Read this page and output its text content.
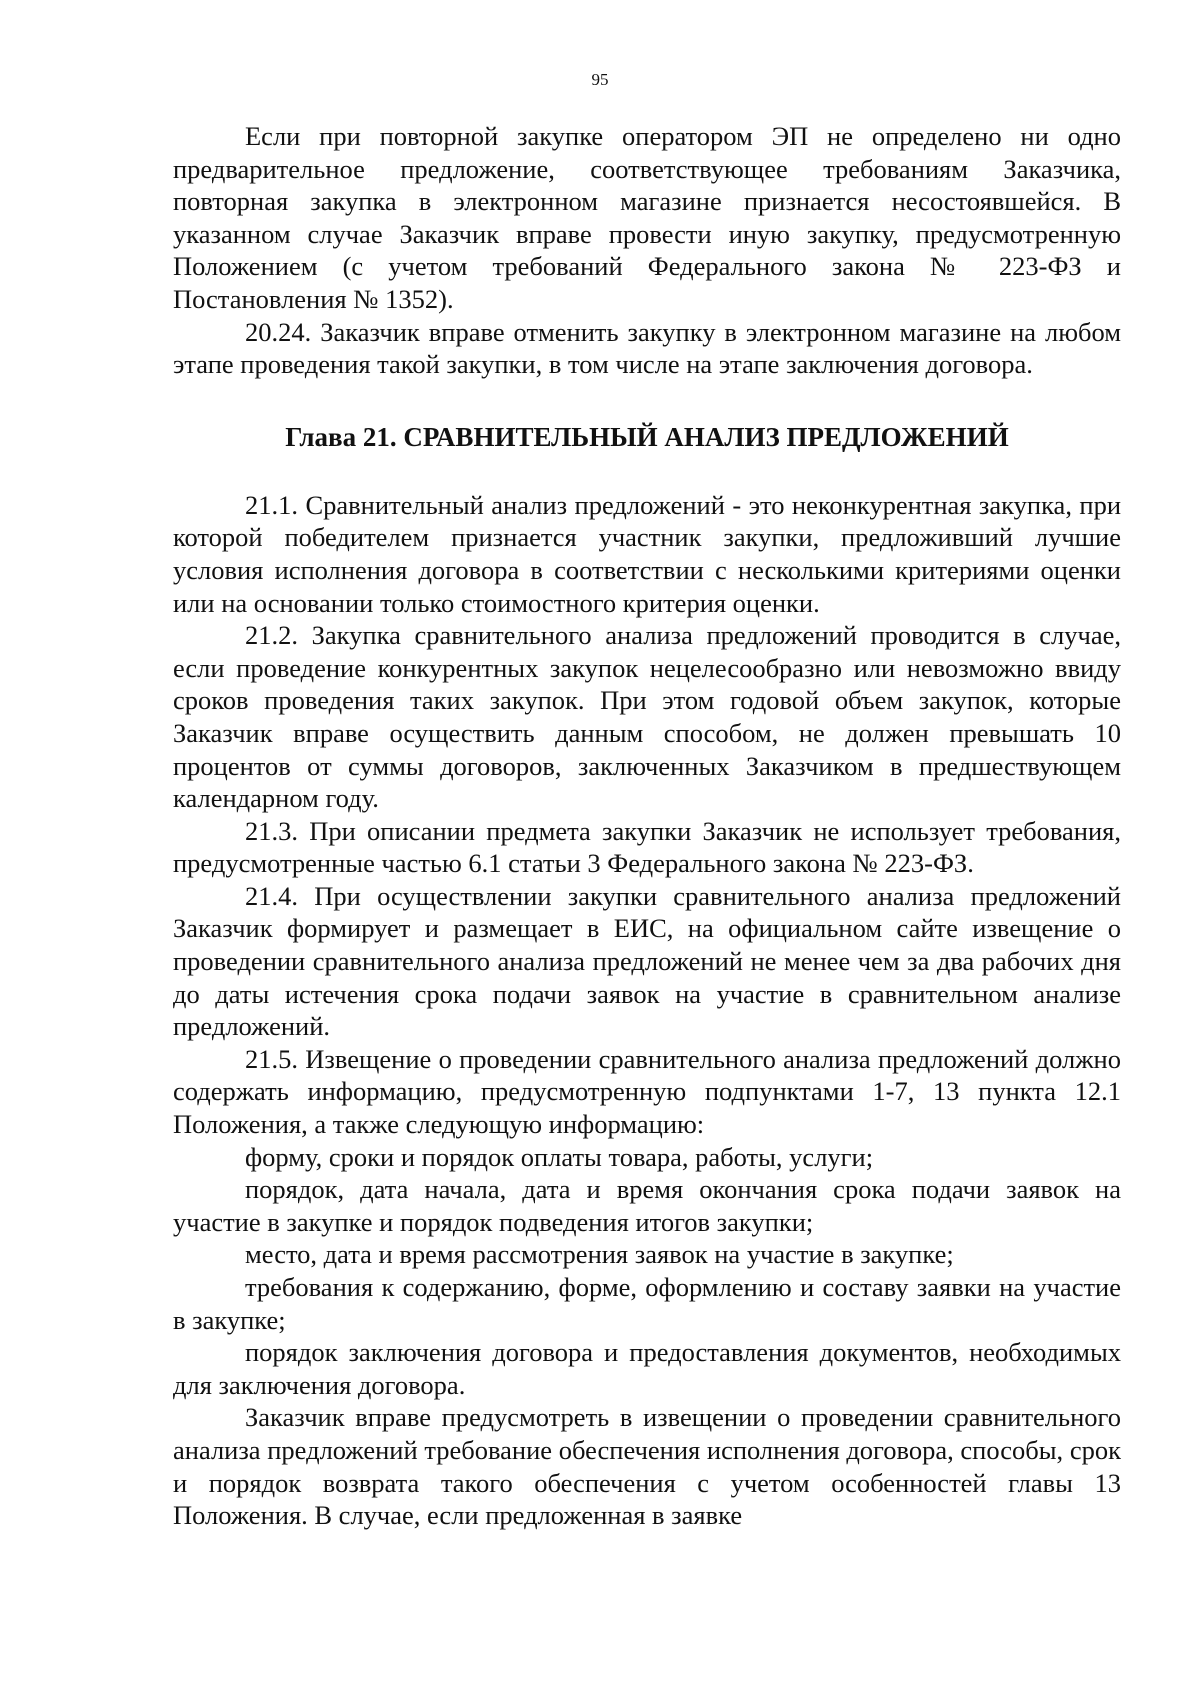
95

Если при повторной закупке оператором ЭП не определено ни одно предварительное предложение, соответствующее требованиям Заказчика, повторная закупка в электронном магазине признается несостоявшейся. В указанном случае Заказчик вправе провести иную закупку, предусмотренную Положением (с учетом требований Федерального закона № 223-ФЗ и Постановления № 1352).

20.24. Заказчик вправе отменить закупку в электронном магазине на любом этапе проведения такой закупки, в том числе на этапе заключения договора.

Глава 21. СРАВНИТЕЛЬНЫЙ АНАЛИЗ ПРЕДЛОЖЕНИЙ

21.1. Сравнительный анализ предложений - это неконкурентная закупка, при которой победителем признается участник закупки, предложивший лучшие условия исполнения договора в соответствии с несколькими критериями оценки или на основании только стоимостного критерия оценки.

21.2. Закупка сравнительного анализа предложений проводится в случае, если проведение конкурентных закупок нецелесообразно или невозможно ввиду сроков проведения таких закупок. При этом годовой объем закупок, которые Заказчик вправе осуществить данным способом, не должен превышать 10 процентов от суммы договоров, заключенных Заказчиком в предшествующем календарном году.

21.3. При описании предмета закупки Заказчик не использует требования, предусмотренные частью 6.1 статьи 3 Федерального закона № 223-ФЗ.

21.4. При осуществлении закупки сравнительного анализа предложений Заказчик формирует и размещает в ЕИС, на официальном сайте извещение о проведении сравнительного анализа предложений не менее чем за два рабочих дня до даты истечения срока подачи заявок на участие в сравнительном анализе предложений.

21.5. Извещение о проведении сравнительного анализа предложений должно содержать информацию, предусмотренную подпунктами 1-7, 13 пункта 12.1 Положения, а также следующую информацию:

форму, сроки и порядок оплаты товара, работы, услуги;

порядок, дата начала, дата и время окончания срока подачи заявок на участие в закупке и порядок подведения итогов закупки;

место, дата и время рассмотрения заявок на участие в закупке;

требования к содержанию, форме, оформлению и составу заявки на участие в закупке;

порядок заключения договора и предоставления документов, необходимых для заключения договора.

Заказчик вправе предусмотреть в извещении о проведении сравнительного анализа предложений требование обеспечения исполнения договора, способы, срок и порядок возврата такого обеспечения с учетом особенностей главы 13 Положения. В случае, если предложенная в заявке
